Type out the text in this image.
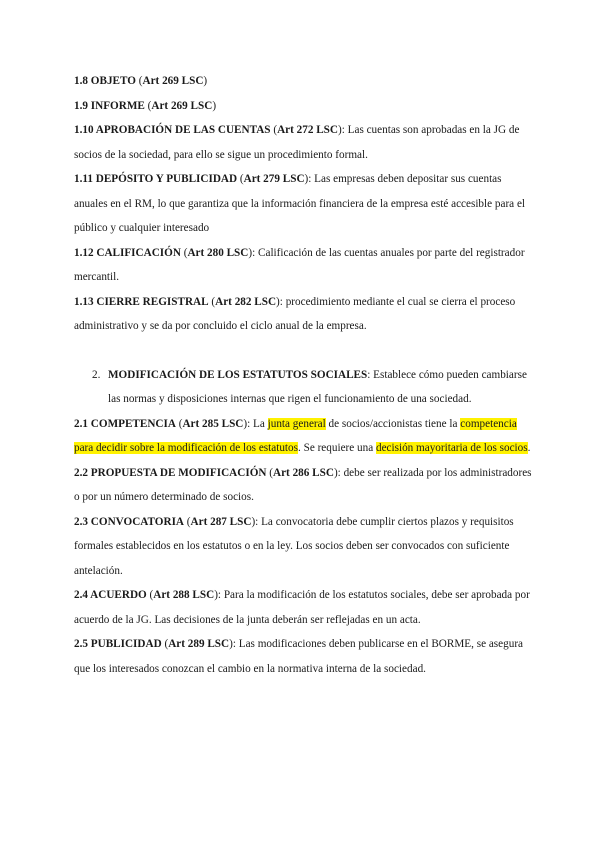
1.8 OBJETO (Art 269 LSC)

1.9 INFORME (Art 269 LSC)

1.10 APROBACIÓN DE LAS CUENTAS (Art 272 LSC): Las cuentas son aprobadas en la JG de socios de la sociedad, para ello se sigue un procedimiento formal.

1.11 DEPÓSITO Y PUBLICIDAD (Art 279 LSC): Las empresas deben depositar sus cuentas anuales en el RM, lo que garantiza que la información financiera de la empresa esté accesible para el público y cualquier interesado

1.12 CALIFICACIÓN (Art 280 LSC): Calificación de las cuentas anuales por parte del registrador mercantil.

1.13 CIERRE REGISTRAL (Art 282 LSC): procedimiento mediante el cual se cierra el proceso administrativo y se da por concluido el ciclo anual de la empresa.

2. MODIFICACIÓN DE LOS ESTATUTOS SOCIALES: Establece cómo pueden cambiarse las normas y disposiciones internas que rigen el funcionamiento de una sociedad.

2.1 COMPETENCIA (Art 285 LSC): La junta general de socios/accionistas tiene la competencia para decidir sobre la modificación de los estatutos. Se requiere una decisión mayoritaria de los socios.

2.2 PROPUESTA DE MODIFICACIÓN (Art 286 LSC): debe ser realizada por los administradores o por un número determinado de socios.

2.3 CONVOCATORIA (Art 287 LSC): La convocatoria debe cumplir ciertos plazos y requisitos formales establecidos en los estatutos o en la ley. Los socios deben ser convocados con suficiente antelación.

2.4 ACUERDO (Art 288 LSC): Para la modificación de los estatutos sociales, debe ser aprobada por acuerdo de la JG. Las decisiones de la junta deberán ser reflejadas en un acta.

2.5 PUBLICIDAD (Art 289 LSC): Las modificaciones deben publicarse en el BORME, se asegura que los interesados conozcan el cambio en la normativa interna de la sociedad.
